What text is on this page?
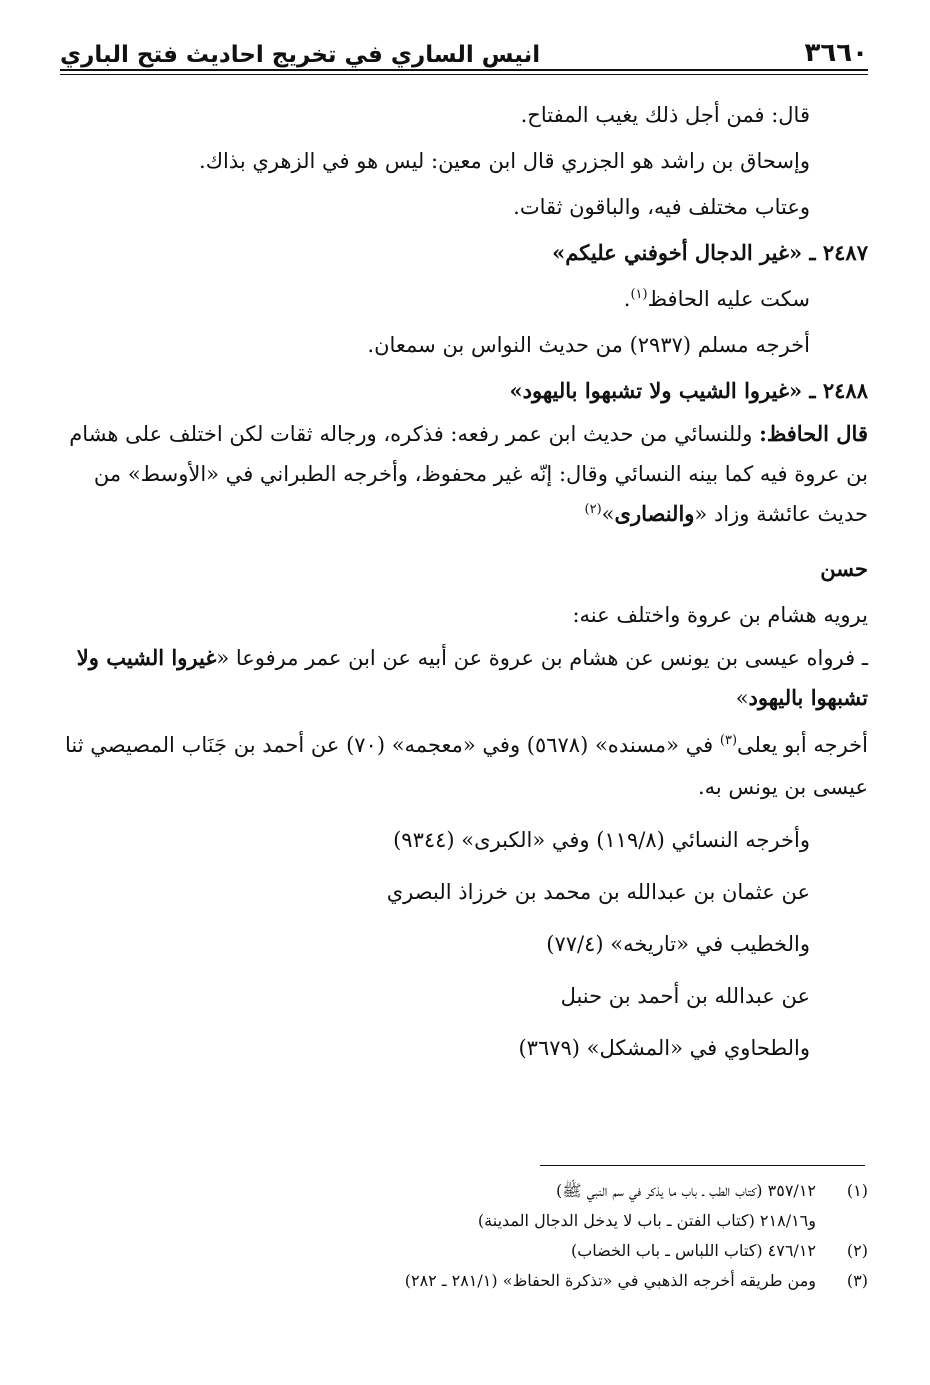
٣٦٦٠
انيس الساري في تخريج احاديث فتح الباري

قال: فمن أجل ذلك يغيب المفتاح.

وإسحاق بن راشد هو الجزري قال ابن معين: ليس هو في الزهري بذاك.

وعتاب مختلف فيه، والباقون ثقات.

٢٤٨٧ ـ «غير الدجال أخوفني عليكم»

سكت عليه الحافظ$^{(١)}$.

أخرجه مسلم (٢٩٣٧) من حديث النواس بن سمعان.

٢٤٨٨ ـ «غيروا الشيب ولا تشبهوا باليهود»

قال الحافظ: وللنسائي من حديث ابن عمر رفعه: فذكره، ورجاله ثقات لكن اختلف على هشام بن عروة فيه كما بينه النسائي وقال: إنّه غير محفوظ، وأخرجه الطبراني في «الأوسط» من حديث عائشة وزاد «والنصارى»$^{(٢)}$

حسن

يرويه هشام بن عروة واختلف عنه:

ـ فرواه عيسى بن يونس عن هشام بن عروة عن أبيه عن ابن عمر مرفوعا «غيروا الشيب ولا تشبهوا باليهود»

أخرجه أبو يعلى$^{(٣)}$ في «مسنده» (٥٦٧٨) وفي «معجمه» (٧٠) عن أحمد بن جَنَاب المصيصي ثنا عيسى بن يونس به.

وأخرجه النسائي (١١٩/٨) وفي «الكبرى» (٩٣٤٤)

عن عثمان بن عبدالله بن محمد بن خرزاذ البصري

والخطيب في «تاريخه» (٧٧/٤)

عن عبدالله بن أحمد بن حنبل

والطحاوي في «المشكل» (٣٦٧٩)

(١)
٣٥٧/١٢ (كتاب الطب ـ باب ما يذكر في سم النبي ﷺ)
و٢١٨/١٦ (كتاب الفتن ـ باب لا يدخل الدجال المدينة)
(٢)
٤٧٦/١٢ (كتاب اللباس ـ باب الخضاب)
(٣)
ومن طريقه أخرجه الذهبي في «تذكرة الحفاظ» (٢٨١/١ ـ ٢٨٢)
